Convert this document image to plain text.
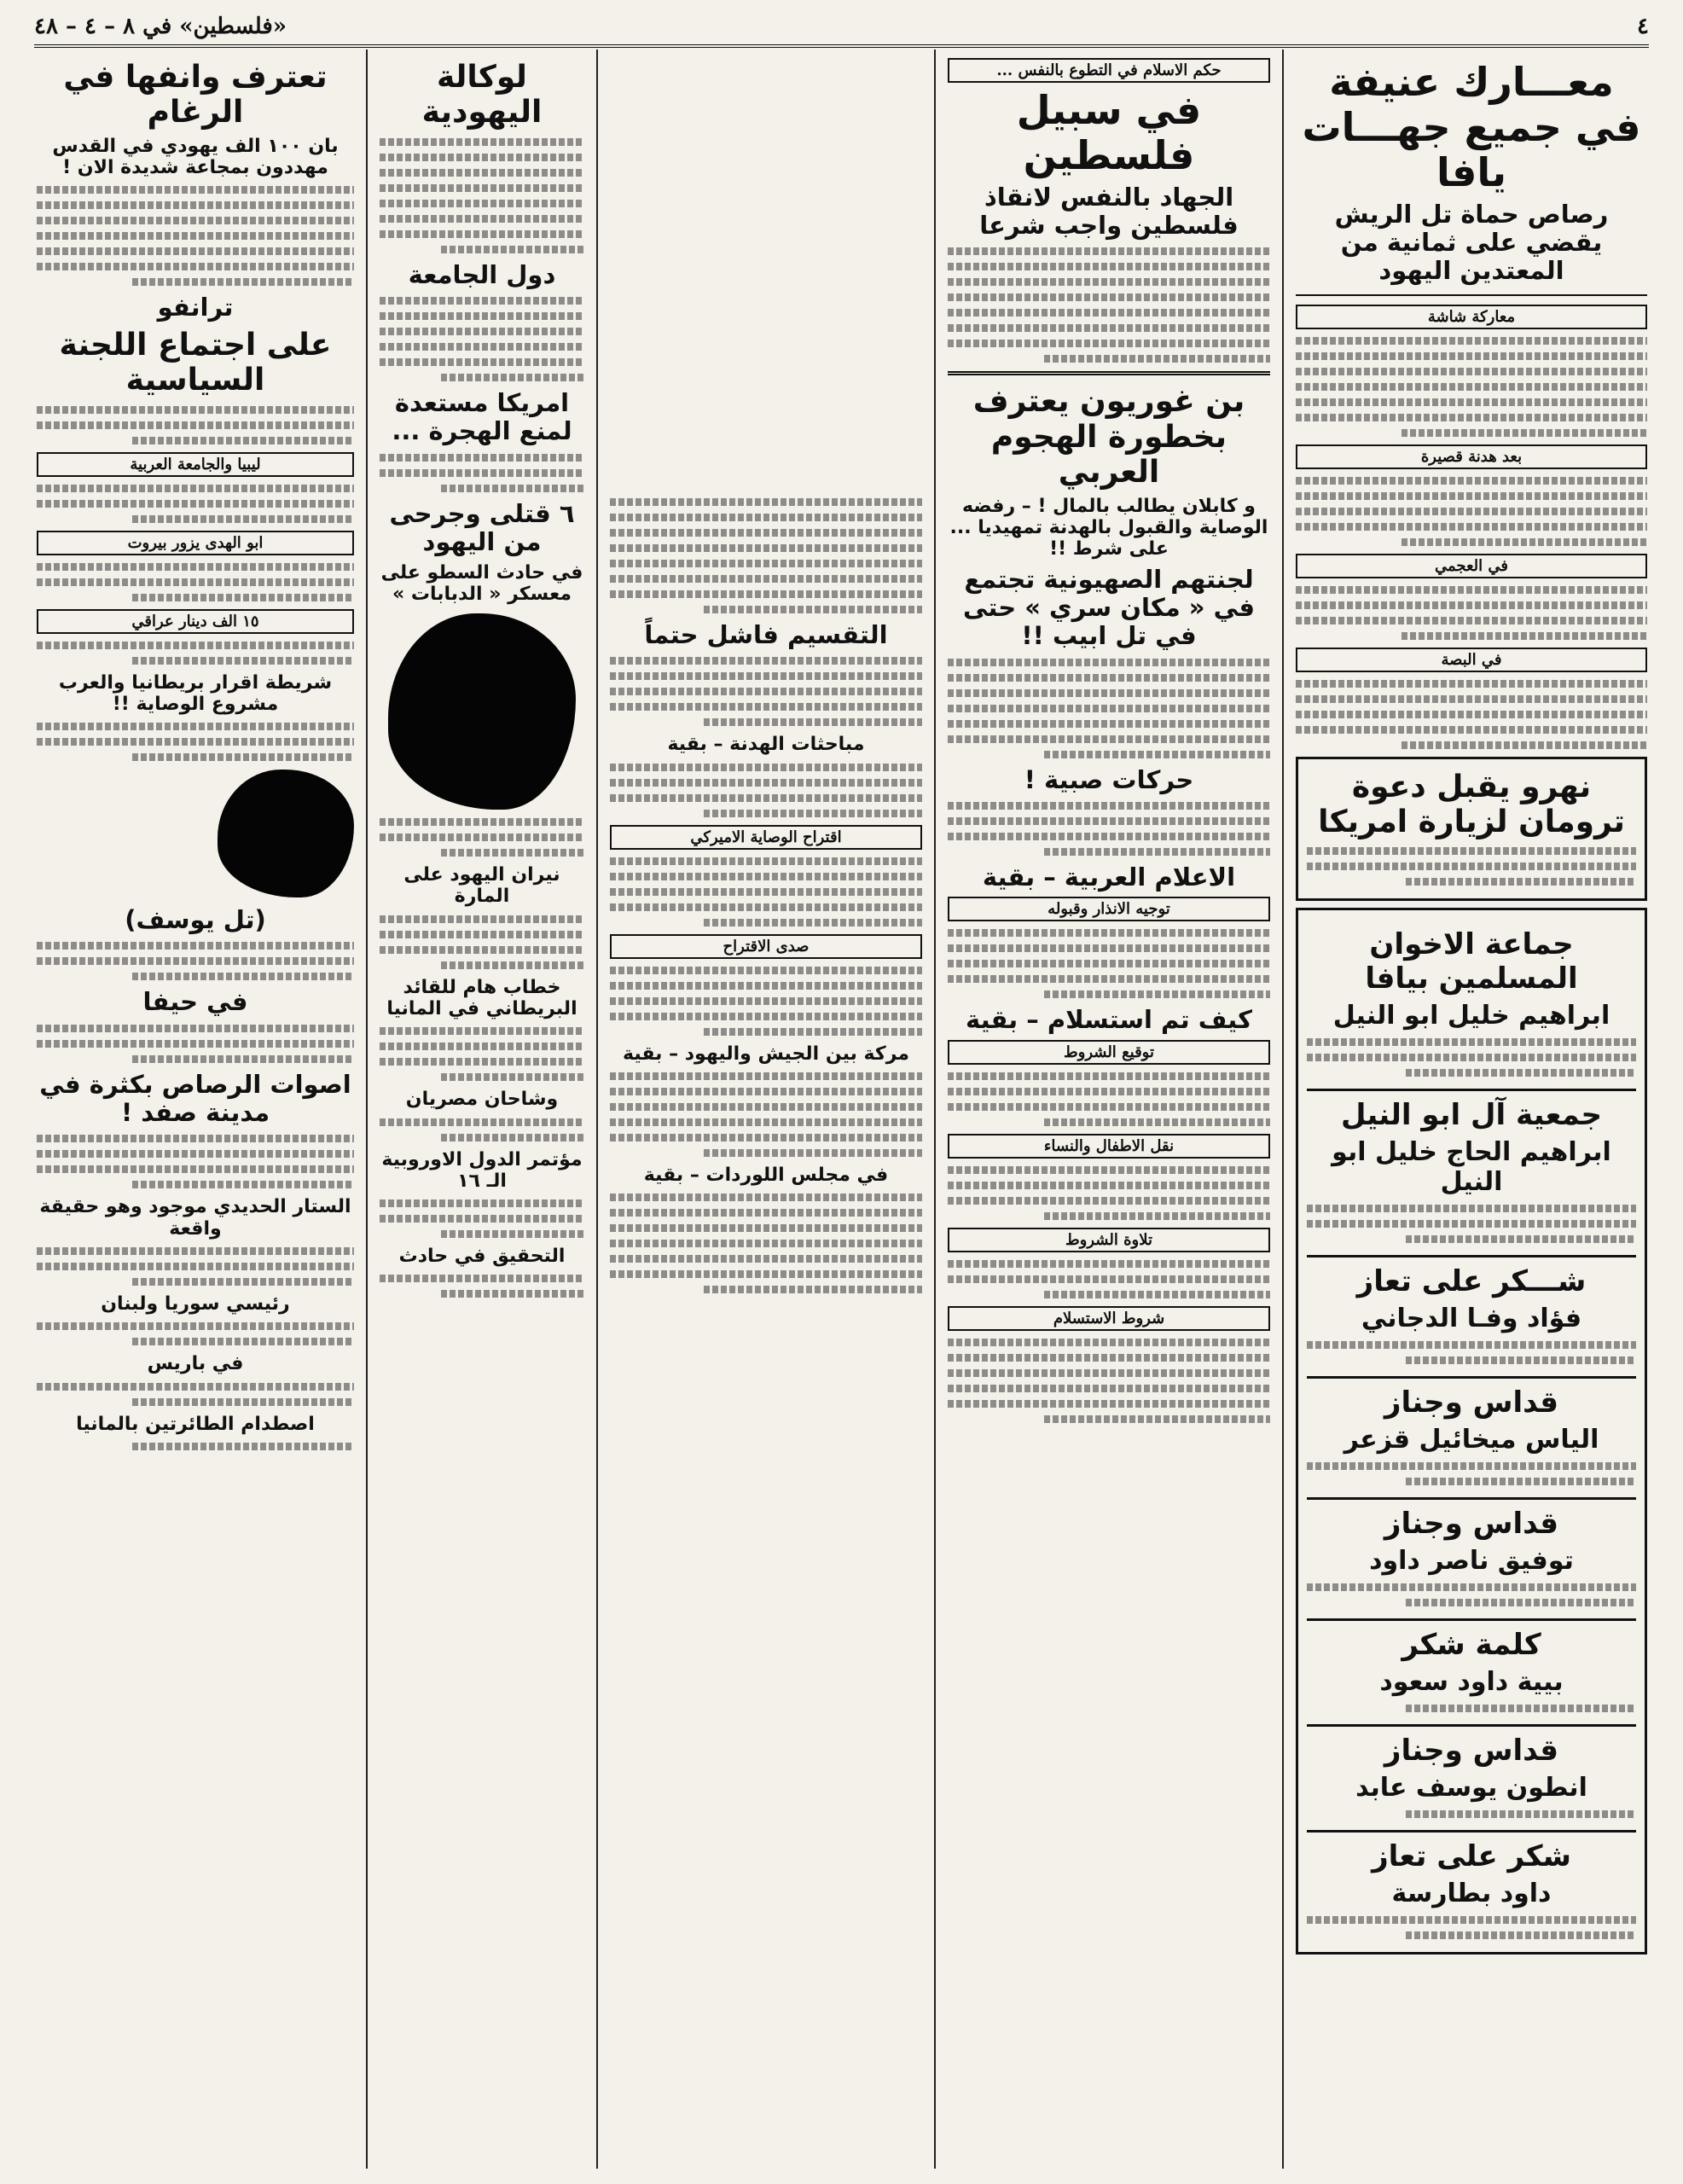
٤
«فلسطين» في ٨ – ٤ – ٤٨
معـــارك عنيفة في جميع جهـــات يافا
رصاص حماة تل الريش يقضي على ثمانية من المعتدين اليهود
معاركة شاشة
بعد هدنة قصيرة
في العجمي
في البصة
نهرو يقبل دعوة ترومان لزيارة امريكا
جماعة الاخوان المسلمين بيافا
ابراهيم خليل ابو النيل
جمعية آل ابو النيل
ابراهيم الحاج خليل ابو النيل
شـــكر على تعاز
فؤاد وفـا الدجاني
قداس وجناز
الياس ميخائيل قزعر
قداس وجناز
توفيق ناصر داود
كلمة شكر
بيية داود سعود
قداس وجناز
انطون يوسف عابد
شكر على تعاز
داود بطارسة
حكم الاسلام في التطوع بالنفس ...
في سبيل فلسطين
الجهاد بالنفس لانقاذ فلسطين واجب شرعا
بن غوريون يعترف بخطورة الهجوم العربي
و كابلان يطالب بالمال ! – رفضه الوصاية والقبول بالهدنة تمهيديا ... على شرط !!
لجنتهم الصهيونية تجتمع في « مكان سري » حتى في تل ابيب !!
حركات صبية !
الاعلام العربية – بقية
توجيه الانذار وقبوله
كيف تم استسلام – بقية
توقيع الشروط
نقل الاطفال والنساء
تلاوة الشروط
شروط الاستسلام
التقسيم فاشل حتماً
مباحثات الهدنة – بقية
اقتراح الوصاية الاميركي
صدى الاقتراح
مركة بين الجيش واليهود – بقية
في مجلس اللوردات – بقية
لوكالة اليهودية
دول الجامعة
امريكا مستعدة لمنع الهجرة ...
٦ قتلى وجرحى من اليهود
في حادث السطو على معسكر « الدبابات »
نيران اليهود على المارة
خطاب هام للقائد البريطاني في المانيا
وشاحان مصريان
مؤتمر الدول الاوروبية الـ ١٦
التحقيق في حادث
تعترف وانفها في الرغام
بان ١٠٠ الف يهودي في القدس مهددون بمجاعة شديدة الان !
ترانفو
على اجتماع اللجنة السياسية
ليبيا والجامعة العربية
ابو الهدى يزور بيروت
١٥ الف دينار عراقي
شريطة اقرار بريطانيا والعرب مشروع الوصاية !!
(تل يوسف)
في حيفا
اصوات الرصاص بكثرة في مدينة صفد !
الستار الحديدي موجود وهو حقيقة واقعة
رئيسي سوريا ولبنان
في باريس
اصطدام الطائرتين بالمانيا
